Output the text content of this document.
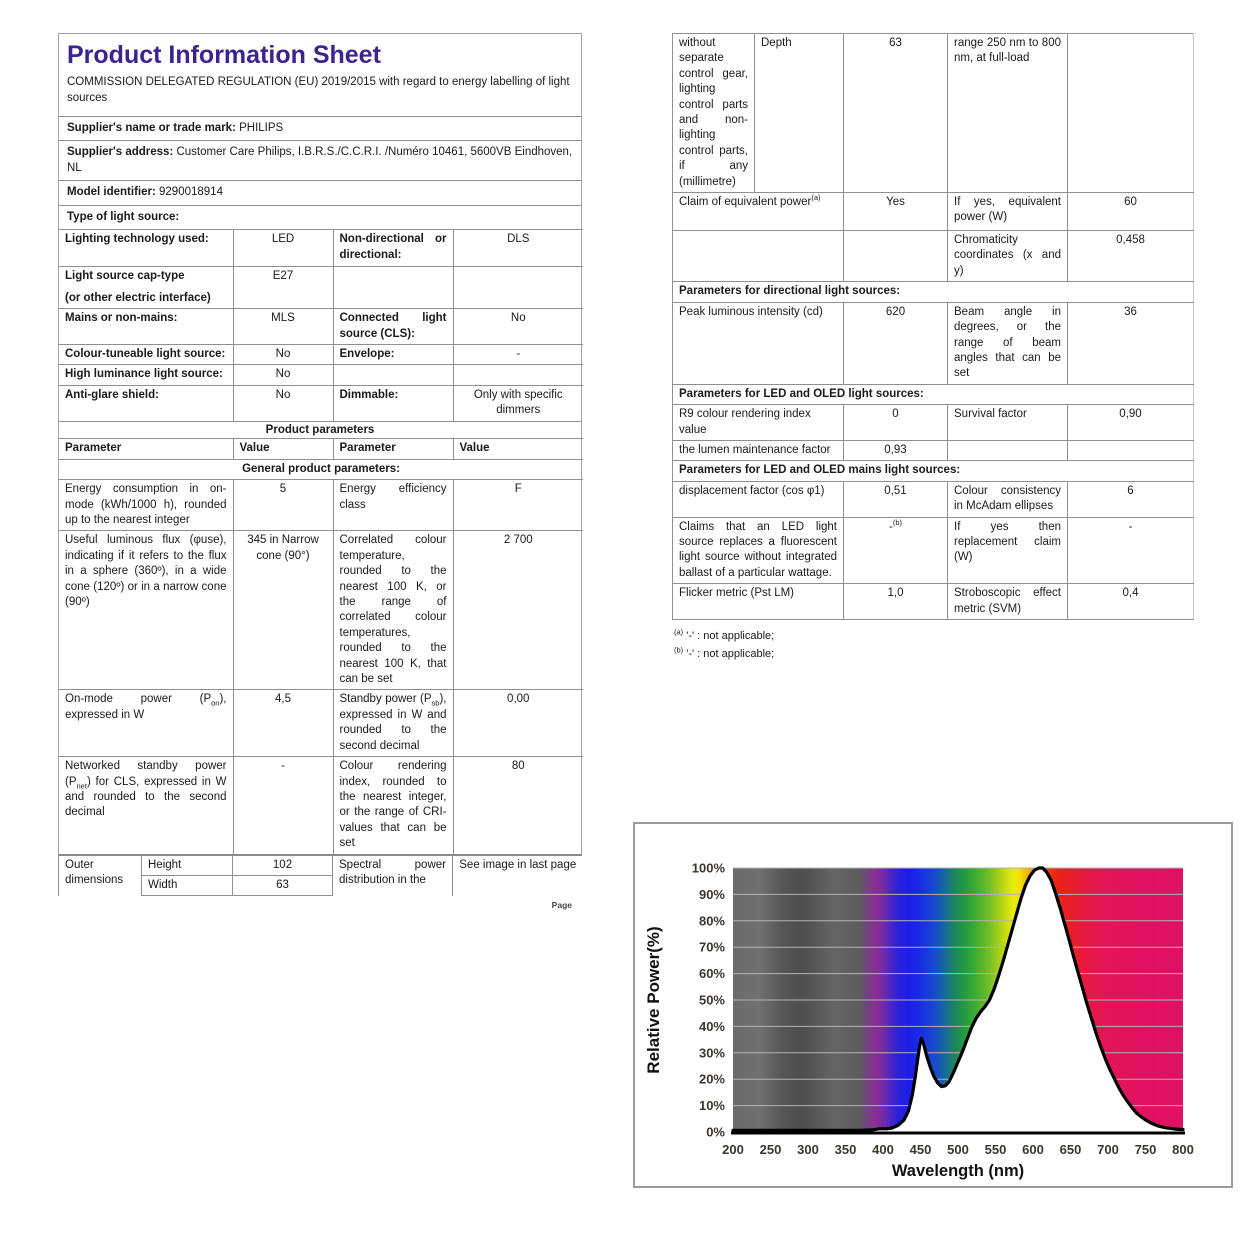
Product Information Sheet

COMMISSION DELEGATED REGULATION (EU) 2019/2015 with regard to energy labelling of light sources

Supplier's name or trade mark: PHILIPS
Supplier's address: Customer Care Philips, I.B.R.S./C.C.R.I. /Numéro 10461, 5600VB Eindhoven, NL
Model identifier: 9290018914
Type of light source:
Lighting technology used:	LED	Non-directional or directional:	DLS

Light source cap-type
(or other electric interface)	E27		
Mains or non-mains:	MLS	Connected light source (CLS):	No
Colour-tuneable light source:	No	Envelope:	-
High luminance light source:	No		
Anti-glare shield:	No	Dimmable:	Only with specific dimmers
Product parameters
Parameter	Value	Parameter	Value
General product parameters:			
Energy consumption in on-mode (kWh/1000 h), rounded up to the nearest integer	5	Energy efficiency class	F
Useful luminous flux (φuse), indicating if it refers to the flux in a sphere (360º), in a wide cone (120º) or in a narrow cone (90º)	345 in Narrow cone (90°)	Correlated colour temperature, rounded to the nearest 100 K, or the range of correlated colour temperatures, rounded to the nearest 100 K, that can be set	2 700
On-mode power $(P_{on})$, expressed in W	4,5	Standby power $(P_{sb})$, expressed in W and rounded to the second decimal	0,00
Networked standby power $(P_{net})$ for CLS, expressed in W and rounded to the second decimal	-	Colour rendering index, rounded to the nearest integer, or the range of CRI-values that can be set	80
Outer dimensions	Height	102	Spectral power distribution in the	See image in last page
	Width	63		
Page
without separate control gear, lighting control parts and non-lighting control parts, if any (millimetre)	Depth	63	range 250 nm to 800 nm, at full-load	
Claim of equivalent power$^{(a)}$		Yes	If yes, equivalent power (W)	60
			Chromaticity coordinates (x and y)	0,458
Parameters for directional light sources:				
Peak luminous intensity (cd)		620	Beam angle in degrees, or the range of beam angles that can be set	36
Parameters for LED and OLED light sources:				
R9 colour rendering index value		0	Survival factor	0,90
the lumen maintenance factor		0,93		
Parameters for LED and OLED mains light sources:				
displacement factor (cos φ1)		0,51	Colour consistency in McAdam ellipses	6
Claims that an LED light source replaces a fluorescent light source without integrated ballast of a particular wattage.		-$^{(b)}$	If yes then replacement claim (W)	-
Flicker metric (Pst LM)		1,0	Stroboscopic effect metric (SVM)	0,4
$^{(a)}$ '-' : not applicable;
$^{(b)}$ '-' : not applicable;
0%
10%
20%
30%
40%
50%
60%
70%
80%
90%
100%
200 250 300 350 400 450 500 550 600 650 700 750 800
Wavelength (nm)
Relative Power(%)
